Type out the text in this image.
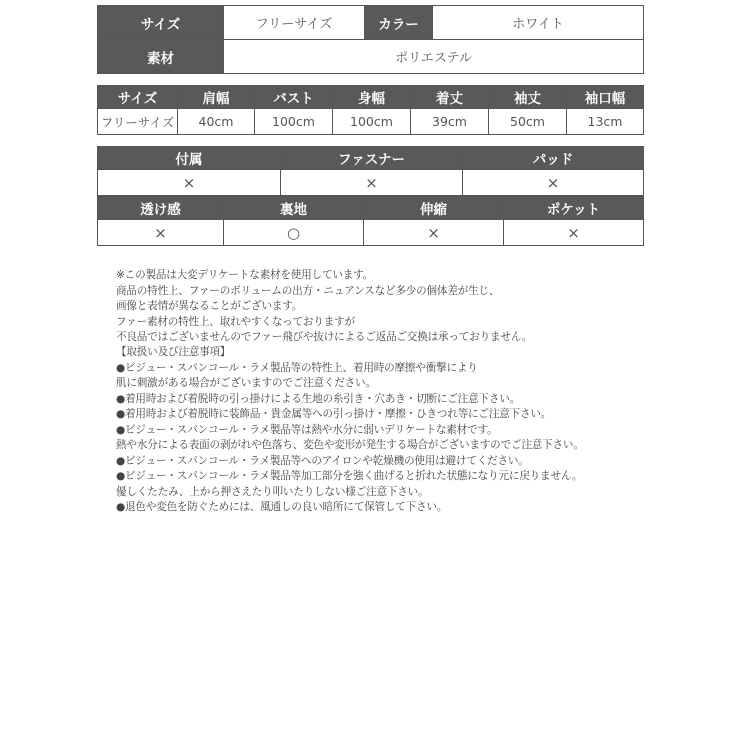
サイズ	フリーサイズ	カラー	ホワイト
素材	ポリエステル		
サイズ	肩幅	バスト	身幅	着丈	袖丈	袖口幅
フリーサイズ	40cm	100cm	100cm	39cm	50cm	13cm
付属	ファスナー	パッド
×	×	×
透け感	裏地	伸縮	ポケット
×	○	×	×

※この製品は大変デリケートな素材を使用しています。

商品の特性上、ファーのボリュームの出方・ニュアンスなど多少の個体差が生じ、

画像と表情が異なることがございます。

ファー素材の特性上、取れやすくなっておりますが

不良品ではございませんのでファー飛びや抜けによるご返品ご交換は承っておりません。

【取扱い及び注意事項】

●ビジュー・スパンコール・ラメ製品等の特性上、着用時の摩擦や衝撃により

肌に刺激がある場合がございますのでご注意ください。

●着用時および着脱時の引っ掛けによる生地の糸引き・穴あき・切断にご注意下さい。

●着用時および着脱時に装飾品・貴金属等への引っ掛け・摩擦・ひきつれ等にご注意下さい。

●ビジュー・スパンコール・ラメ製品等は熱や水分に弱いデリケートな素材です。

熱や水分による表面の剥がれや色落ち、変色や変形が発生する場合がございますのでご注意下さい。

●ビジュー・スパンコール・ラメ製品等へのアイロンや乾燥機の使用は避けてください。

●ビジュー・スパンコール・ラメ製品等加工部分を強く曲げると折れた状態になり元に戻りません。

優しくたたみ、上から押さえたり叩いたりしない様ご注意下さい。

●退色や変色を防ぐためには、風通しの良い暗所にて保管して下さい。
